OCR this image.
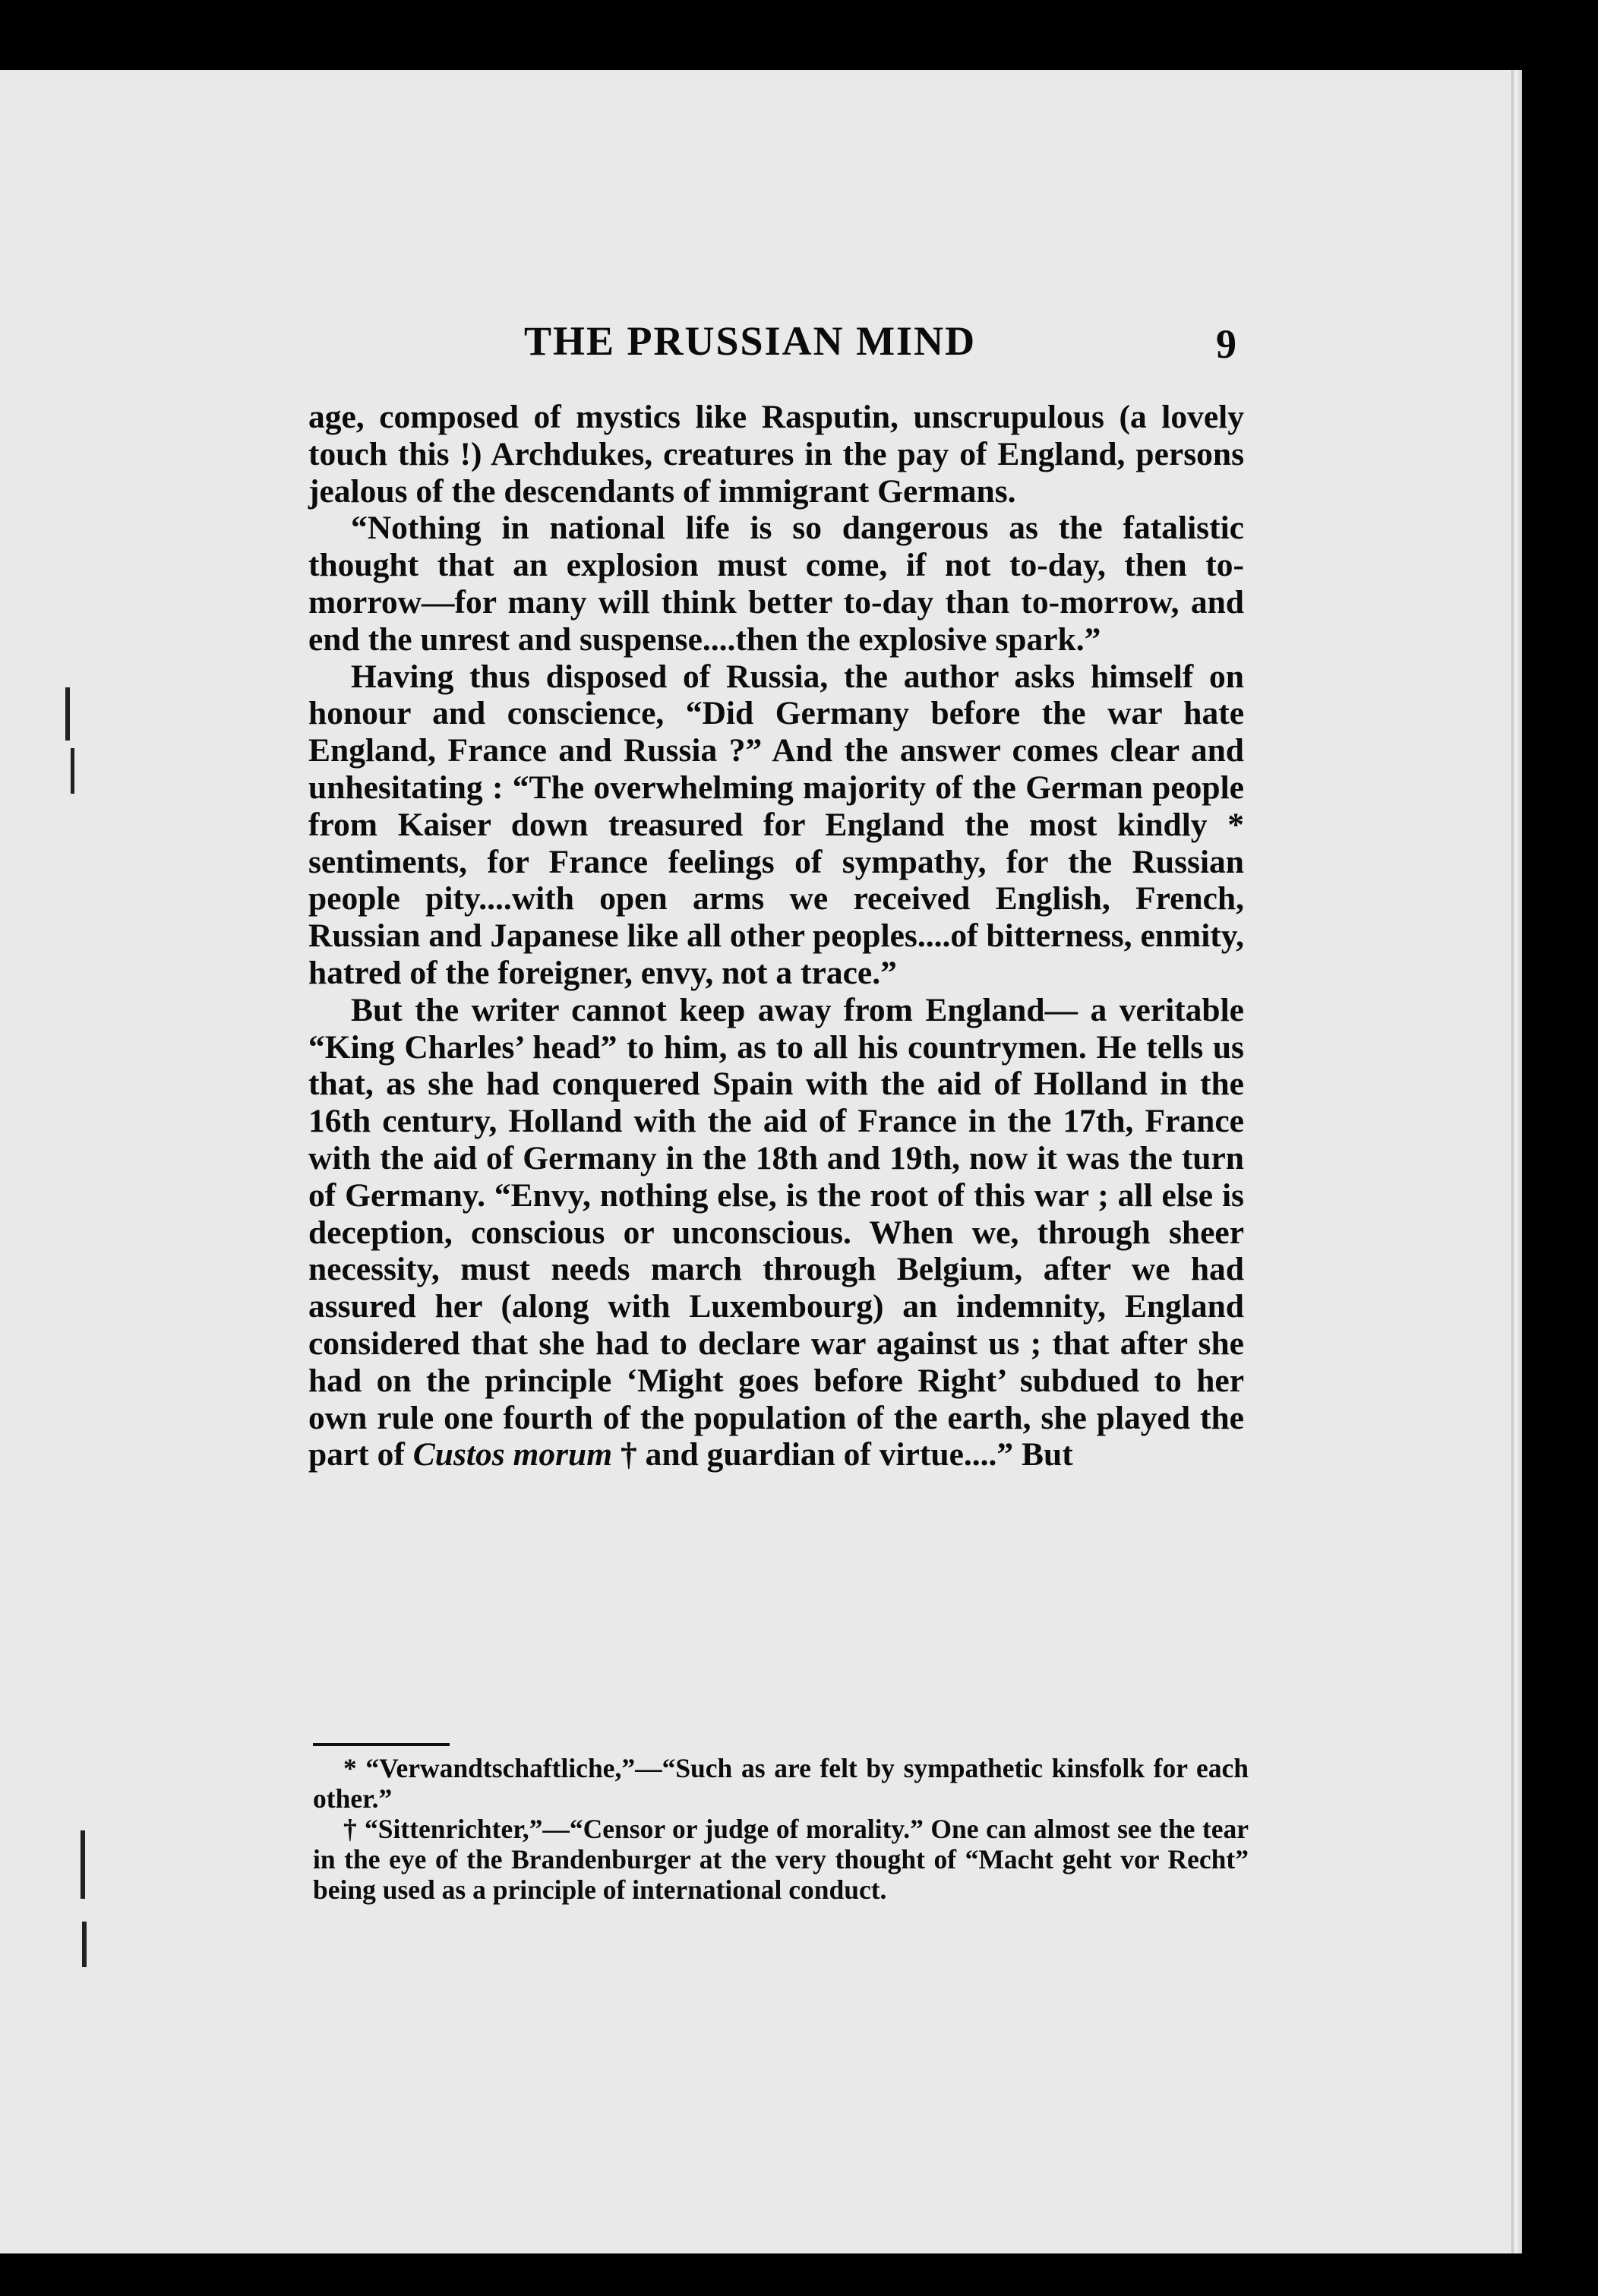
THE PRUSSIAN MIND	9

age, composed of mystics like Rasputin, unscrupulous (a lovely touch this !) Archdukes, creatures in the pay of England, persons jealous of the descendants of immigrant Germans.

“Nothing in national life is so dangerous as the fatalistic thought that an explosion must come, if not to-day, then to-morrow—for many will think better to-day than to-morrow, and end the unrest and suspense....then the explosive spark.”

Having thus disposed of Russia, the author asks himself on honour and conscience, “Did Germany before the war hate England, France and Russia ?” And the answer comes clear and unhesitating : “The overwhelming majority of the German people from Kaiser down treasured for England the most kindly * sentiments, for France feelings of sympathy, for the Russian people pity....with open arms we received English, French, Russian and Japanese like all other peoples....of bitterness, enmity, hatred of the foreigner, envy, not a trace.”

But the writer cannot keep away from England— a veritable “King Charles’ head” to him, as to all his countrymen. He tells us that, as she had conquered Spain with the aid of Holland in the 16th century, Holland with the aid of France in the 17th, France with the aid of Germany in the 18th and 19th, now it was the turn of Germany. “Envy, nothing else, is the root of this war ; all else is deception, conscious or unconscious. When we, through sheer necessity, must needs march through Belgium, after we had assured her (along with Luxembourg) an indemnity, England considered that she had to declare war against us ; that after she had on the principle ‘Might goes before Right’ subdued to her own rule one fourth of the population of the earth, she played the part of Custos morum † and guardian of virtue....” But

* “Verwandtschaftliche,”—“Such as are felt by sympathetic kinsfolk for each other.”

† “Sittenrichter,”—“Censor or judge of morality.” One can almost see the tear in the eye of the Brandenburger at the very thought of “Macht geht vor Recht” being used as a principle of international conduct.
